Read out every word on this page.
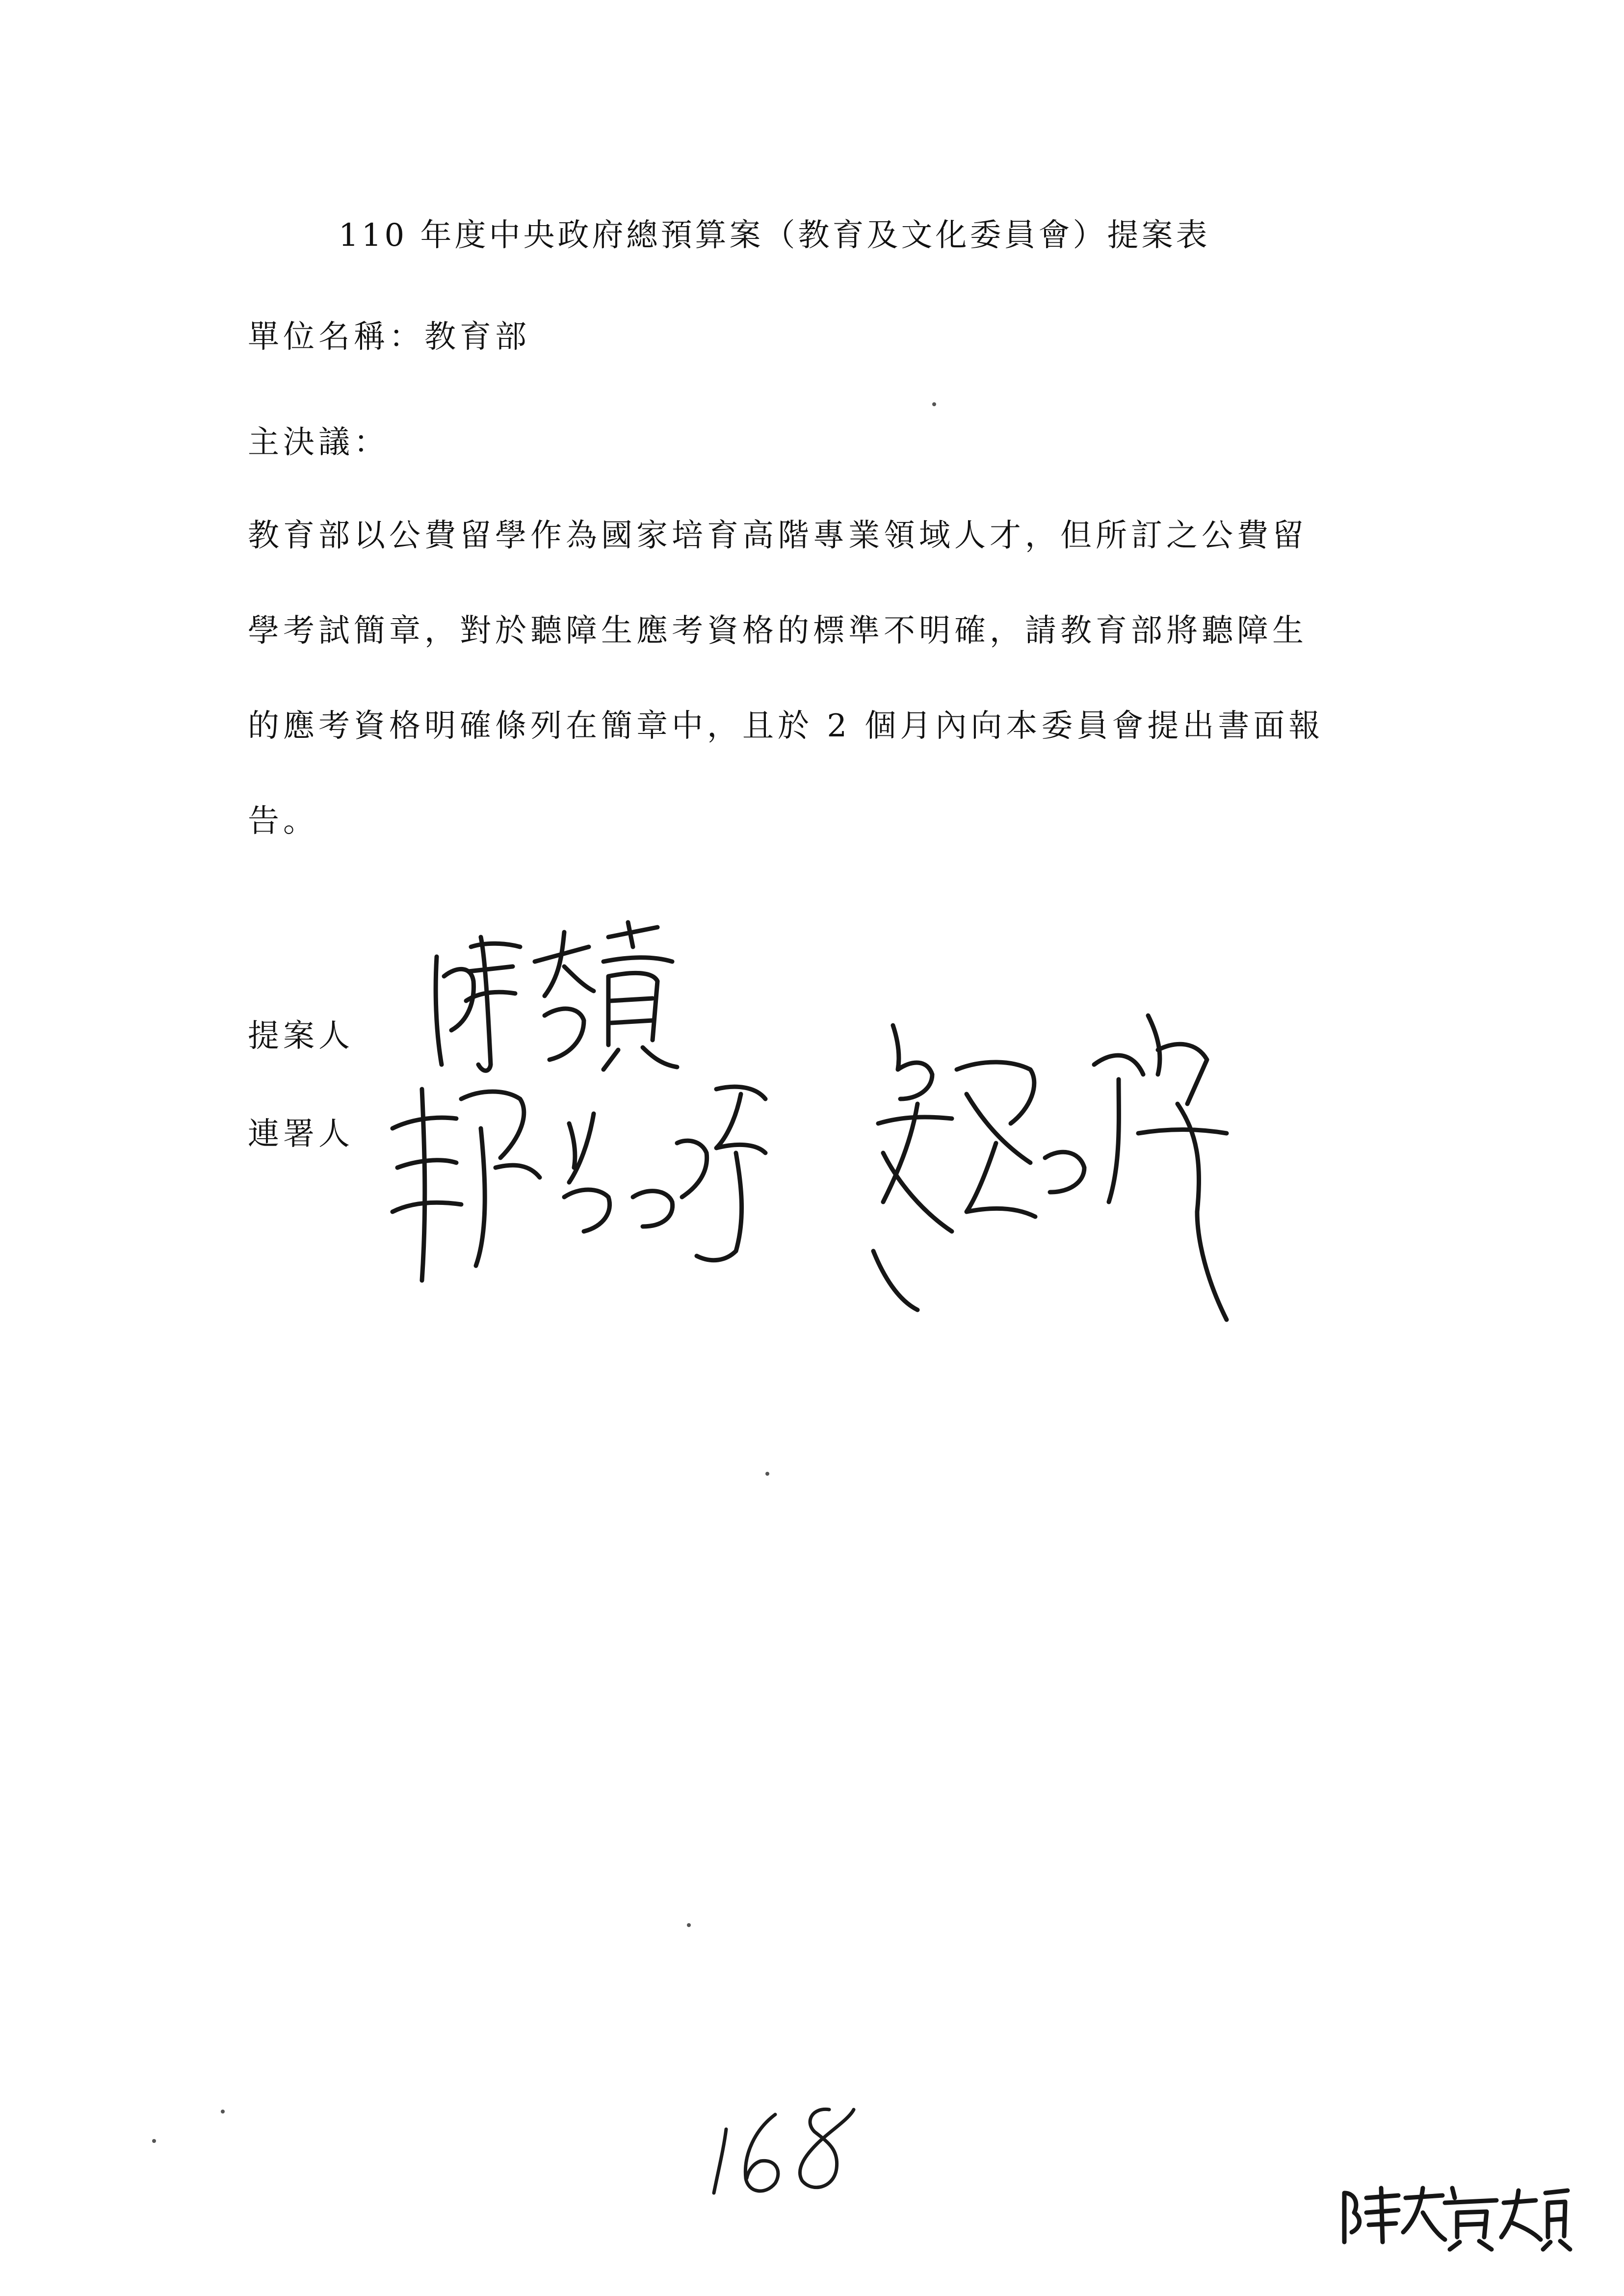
110 年度中央政府總預算案（教育及文化委員會）提案表
單位名稱：教育部
主決議：
教育部以公費留學作為國家培育高階專業領域人才，但所訂之公費留
學考試簡章，對於聽障生應考資格的標準不明確，請教育部將聽障生
的應考資格明確條列在簡章中，且於 2 個月內向本委員會提出書面報
告。
提案人
連署人
